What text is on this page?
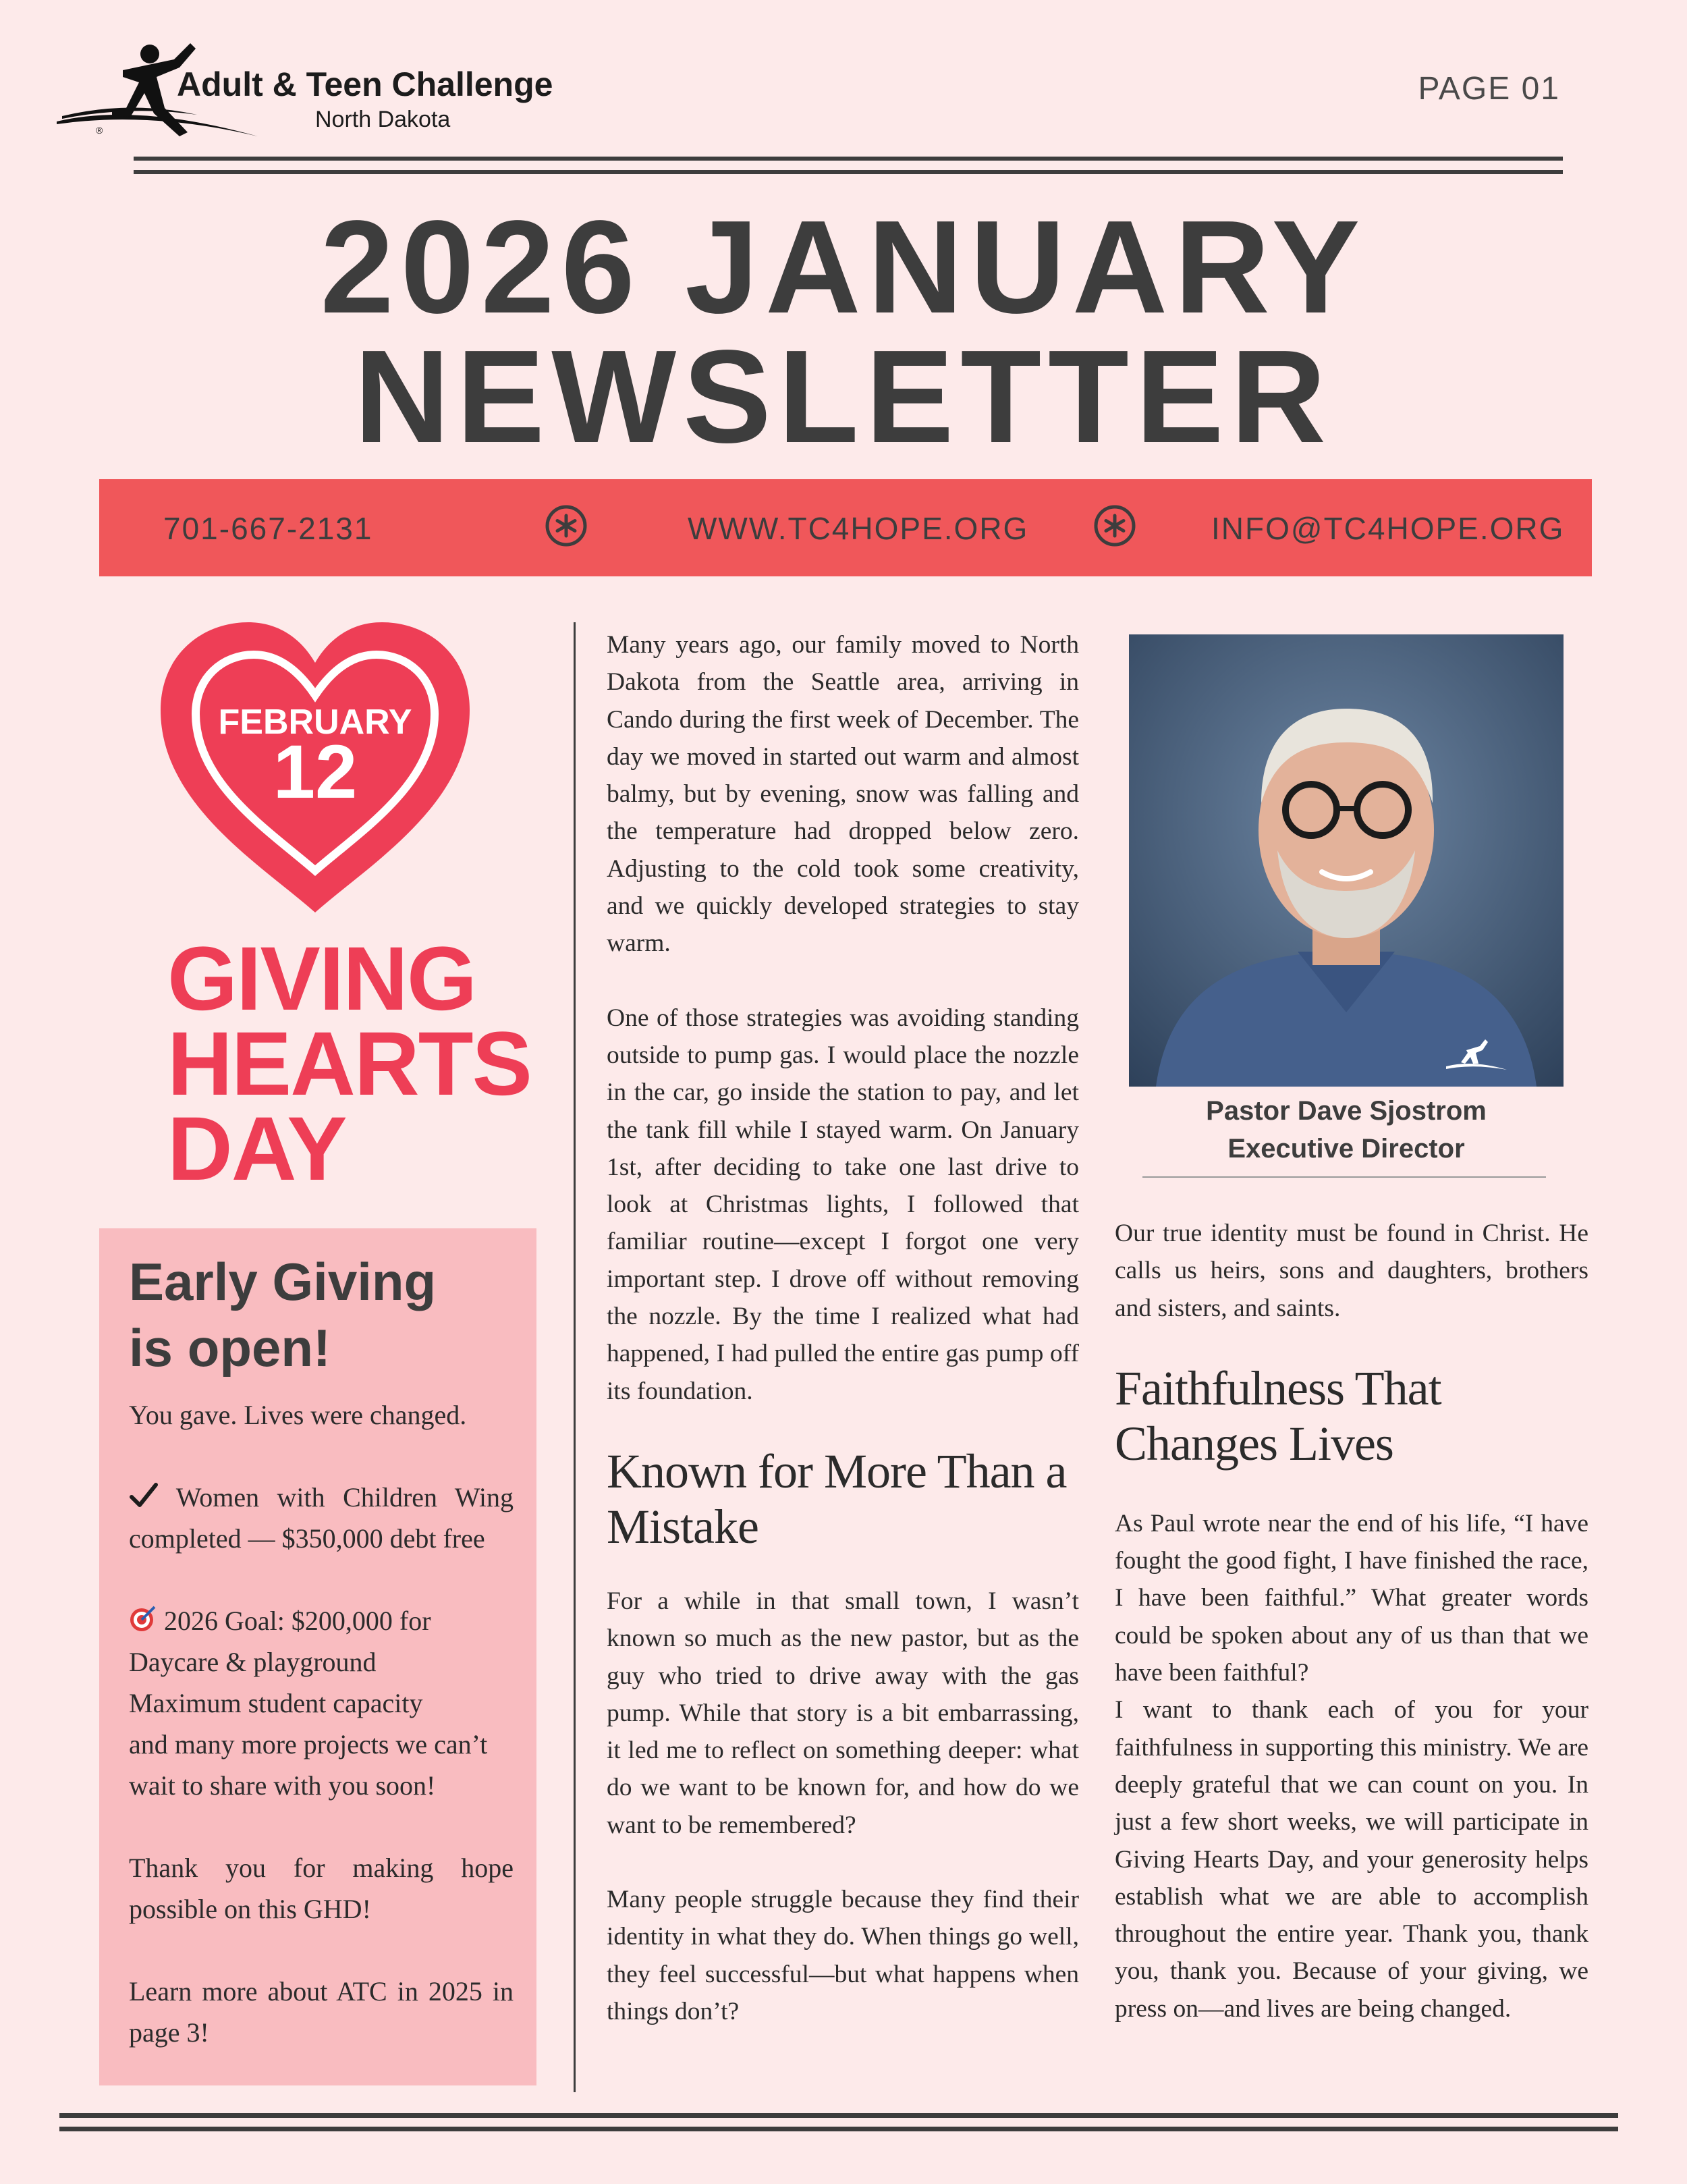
®
Adult & Teen Challenge
North Dakota
PAGE 01
2026 JANUARY
NEWSLETTER
701-667-2131	WWW.TC4HOPE.ORG	INFO@TC4HOPE.ORG
FEBRUARY
12
GIVING
HEARTS
DAY
Early Giving
is open!

You gave. Lives were changed.

Women with Children Wing completed — $350,000 debt free

2026 Goal: $200,000 for

Daycare & playground

Maximum student capacity

and many more projects we can’t wait to share with you soon!

Thank you for making hope possible on this GHD!

Learn more about ATC in 2025 in page 3!

Many years ago, our family moved to North Dakota from the Seattle area, arriving in Cando during the first week of December. The day we moved in started out warm and almost balmy, but by evening, snow was falling and the temperature had dropped below zero. Adjusting to the cold took some creativity, and we quickly developed strategies to stay warm.

One of those strategies was avoiding standing outside to pump gas. I would place the nozzle in the car, go inside the station to pay, and let the tank fill while I stayed warm. On January 1st, after deciding to take one last drive to look at Christmas lights, I followed that familiar routine—except I forgot one very important step. I drove off without removing the nozzle. By the time I realized what had happened, I had pulled the entire gas pump off its foundation.

Known for More Than a Mistake

For a while in that small town, I wasn’t known so much as the new pastor, but as the guy who tried to drive away with the gas pump. While that story is a bit embarrassing, it led me to reflect on something deeper: what do we want to be known for, and how do we want to be remembered?

Many people struggle because they find their identity in what they do. When things go well, they feel successful—but what happens when things don’t?

Pastor Dave Sjostrom
Executive Director

Our true identity must be found in Christ. He calls us heirs, sons and daughters, brothers and sisters, and saints.

Faithfulness That Changes Lives

As Paul wrote near the end of his life, “I have fought the good fight, I have finished the race, I have been faithful.” What greater words could be spoken about any of us than that we have been faithful?

I want to thank each of you for your faithfulness in supporting this ministry. We are deeply grateful that we can count on you. In just a few short weeks, we will participate in Giving Hearts Day, and your generosity helps establish what we are able to accomplish throughout the entire year. Thank you, thank you, thank you. Because of your giving, we press on—and lives are being changed.
